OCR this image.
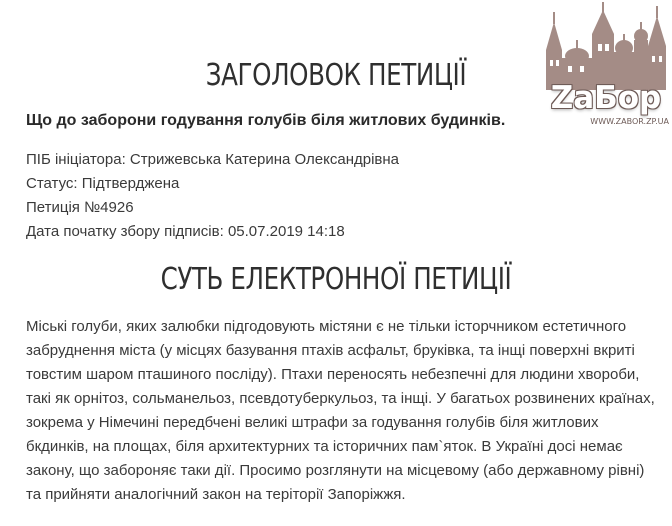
ZaБор
WWW.ZABOR.ZP.UA
ЗАГОЛОВОК ПЕТИЦІЇ

Що до заборони годування голубів біля житлових будинків.

ПІБ ініціатора: Стрижевська Катерина Олександрівна
Статус: Підтверджена
Петиція №4926
Дата початку збору підписів: 05.07.2019 14:18
СУТЬ ЕЛЕКТРОННОЇ ПЕТИЦІЇ

Міські голуби, яких залюбки підгодовують містяни є не тільки історчником естетичного забруднення міста (у місцях базування птахів асфальт, бруківка, та інщі поверхні вкриті товстим шаром пташиного посліду). Птахи переносять небезпечні для людини хвороби, такі як орнітоз, сольманельоз, псевдотуберкульоз, та інщі. У багатьох розвинених країнах, зокрема у Німечині передбчені великі штрафи за годування голубів біля житлових бкдинків, на площах, біля архитектурних та історичних пам`яток. В Україні досі немає закону, що забороняє таки дії. Просимо розглянути на місцевому (або державному рівні) та прийняти аналогічний закон на теріторії Запоріжжя.
